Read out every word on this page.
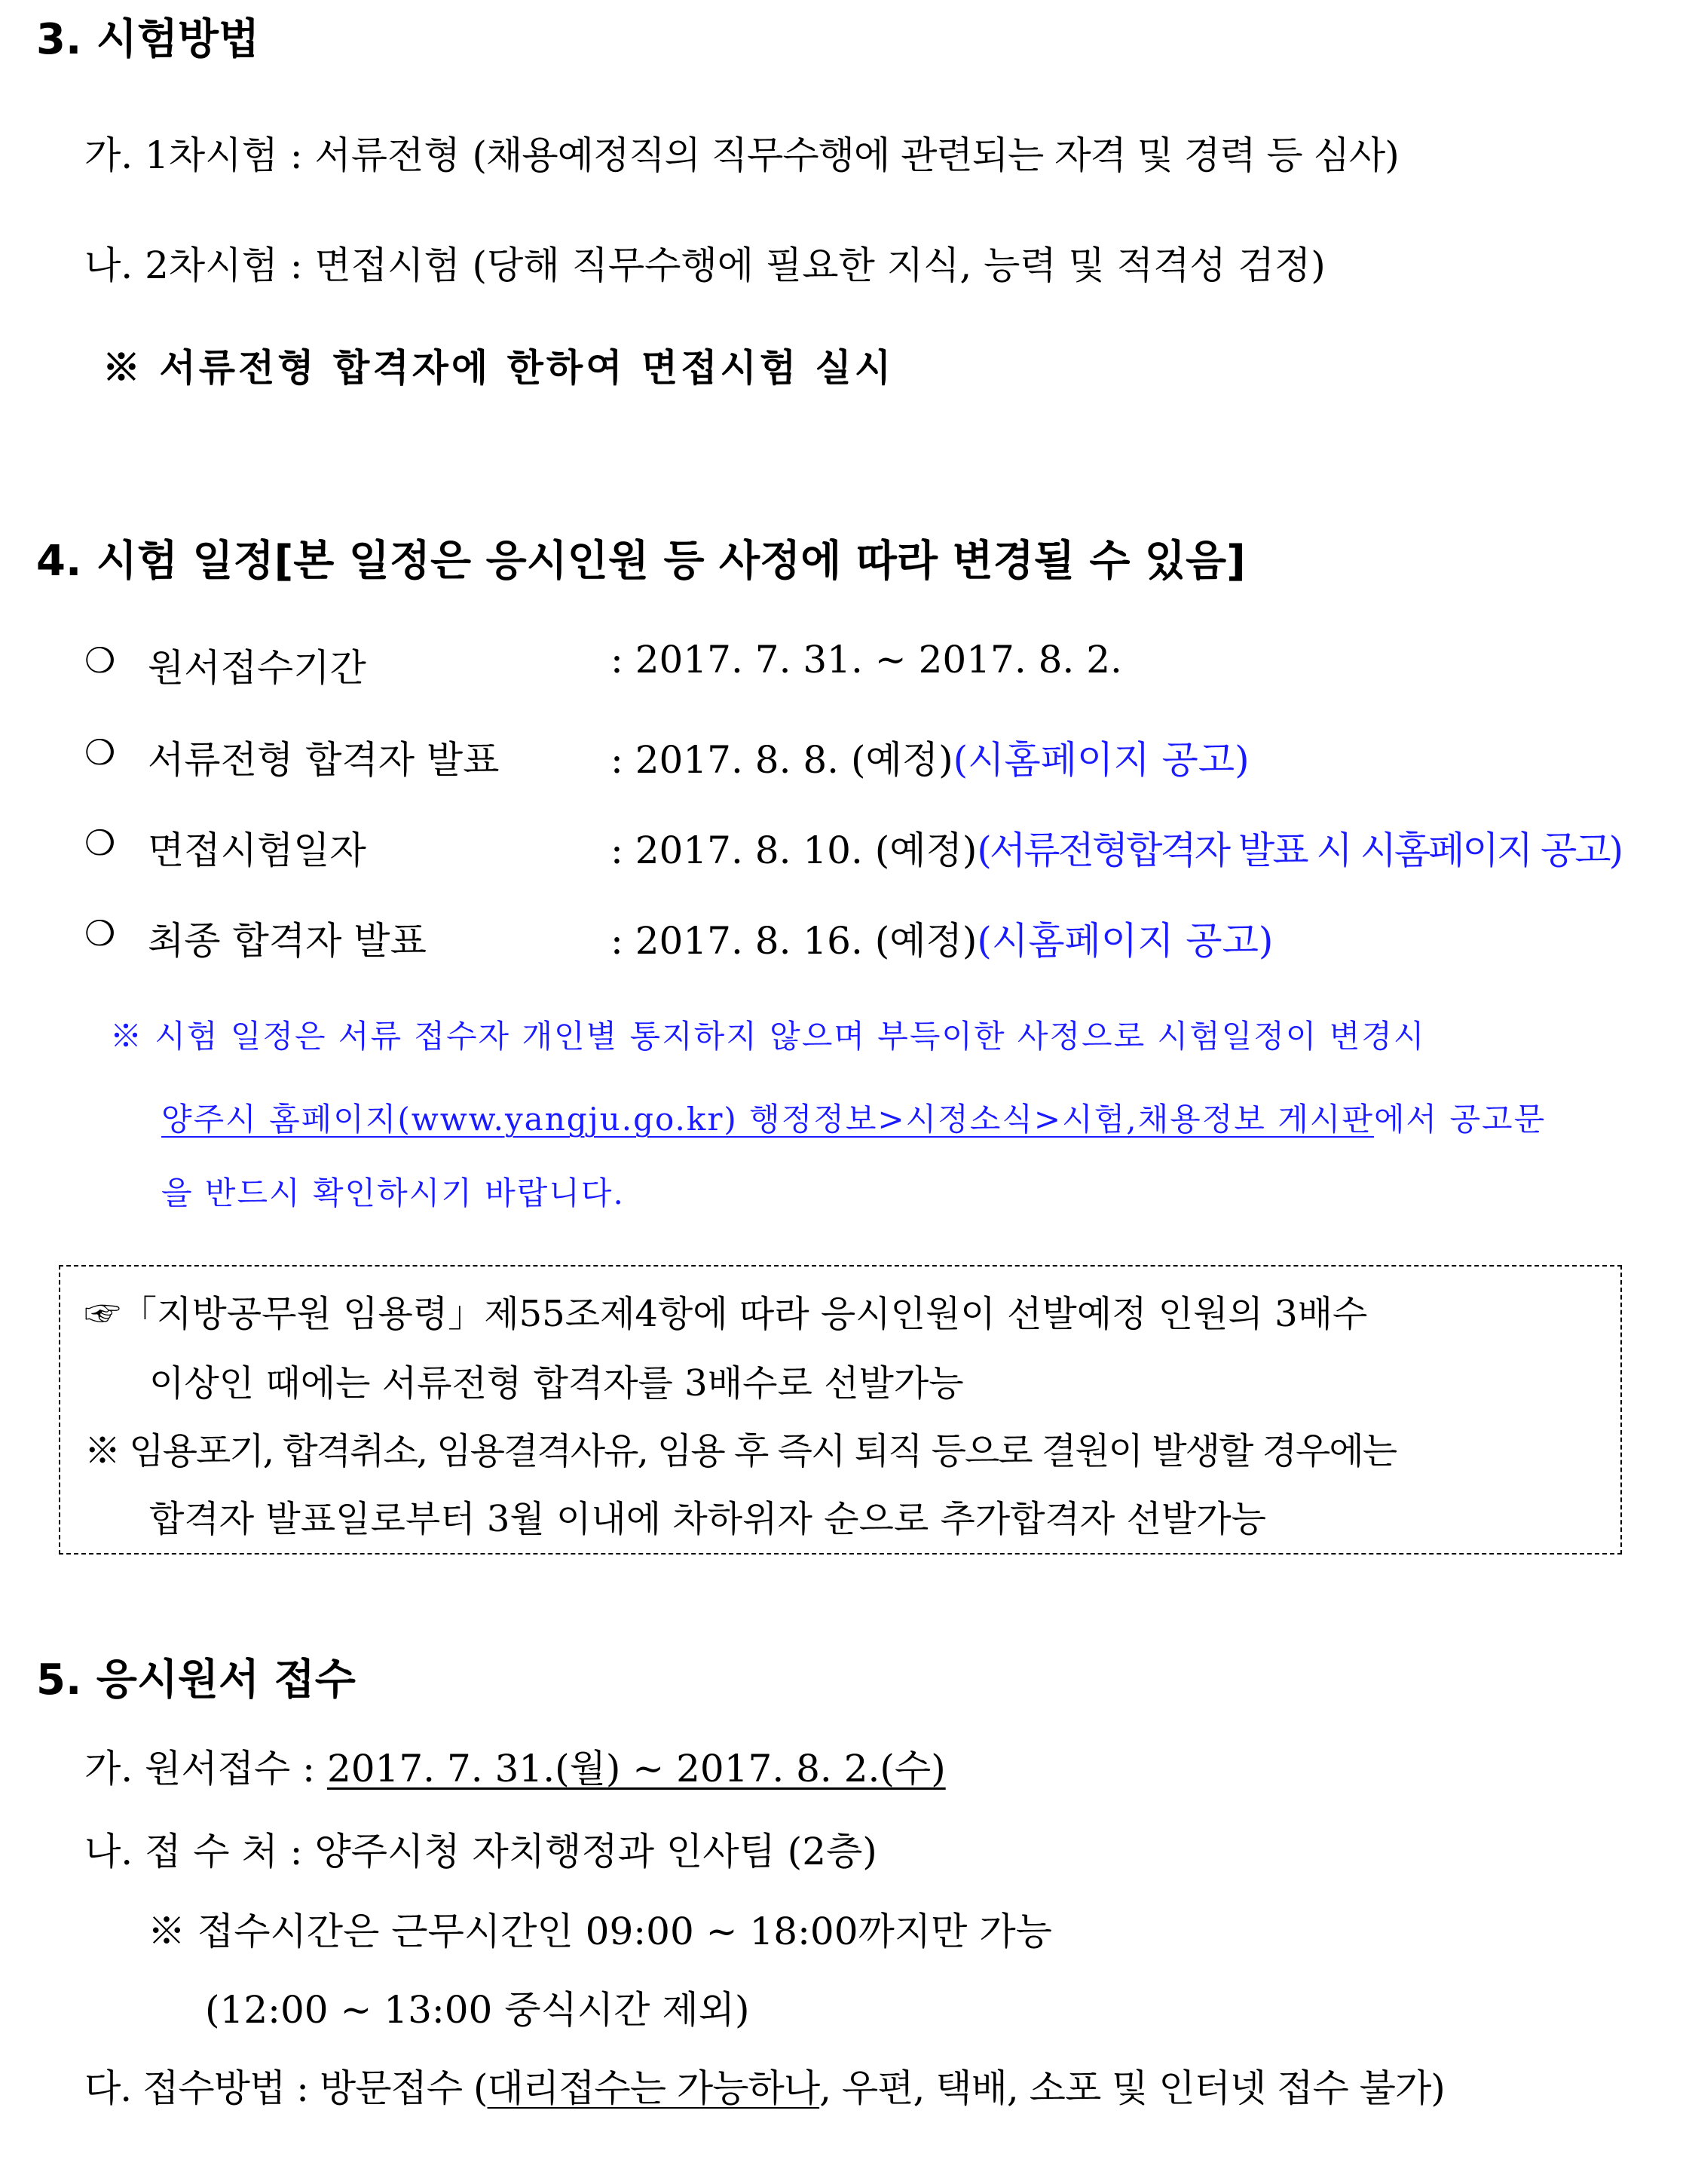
3. 시험방법
가. 1차시험 : 서류전형 (채용예정직의 직무수행에 관련되는 자격 및 경력 등 심사)
나. 2차시험 : 면접시험 (당해 직무수행에 필요한 지식, 능력 및 적격성 검정)
※ 서류전형 합격자에 한하여 면접시험 실시
4. 시험 일정[본 일정은 응시인원 등 사정에 따라 변경될 수 있음]
❍ 원서접수기간	: 2017. 7. 31. ~ 2017. 8. 2.
❍ 서류전형 합격자 발표	: 2017. 8. 8. (예정)(시홈페이지 공고)
❍ 면접시험일자	: 2017. 8. 10. (예정)(서류전형합격자 발표 시 시홈페이지 공고)
❍ 최종 합격자 발표	: 2017. 8. 16. (예정)(시홈페이지 공고)
※ 시험 일정은 서류 접수자 개인별 통지하지 않으며 부득이한 사정으로 시험일정이 변경시
양주시 홈페이지(www.yangju.go.kr) 행정정보>시정소식>시험,채용정보 게시판에서 공고문
을 반드시 확인하시기 바랍니다.
☞「지방공무원 임용령」제55조제4항에 따라 응시인원이 선발예정 인원의 3배수
이상인 때에는 서류전형 합격자를 3배수로 선발가능
※ 임용포기, 합격취소, 임용결격사유, 임용 후 즉시 퇴직 등으로 결원이 발생할 경우에는
합격자 발표일로부터 3월 이내에 차하위자 순으로 추가합격자 선발가능
5. 응시원서 접수
가. 원서접수 : 2017. 7. 31.(월) ~ 2017. 8. 2.(수)
나. 접 수 처 : 양주시청 자치행정과 인사팀 (2층)
※ 접수시간은 근무시간인 09:00 ~ 18:00까지만 가능
(12:00 ~ 13:00 중식시간 제외)
다. 접수방법 : 방문접수 (대리접수는 가능하나, 우편, 택배, 소포 및 인터넷 접수 불가)
